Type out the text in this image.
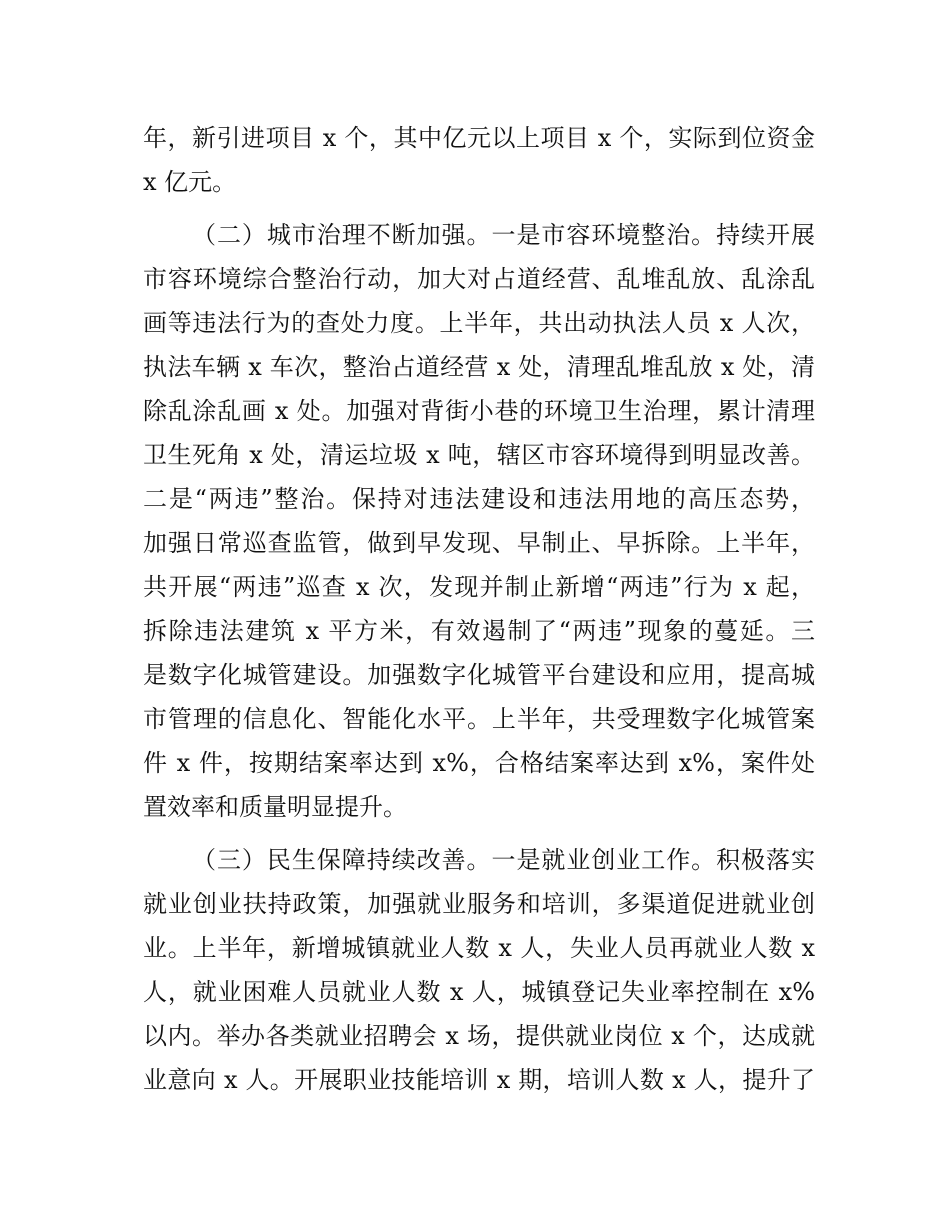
年，新引进项目 x 个，其中亿元以上项目 x 个，实际到位资金

x 亿元。

（二）城市治理不断加强。一是市容环境整治。持续开展

市容环境综合整治行动，加大对占道经营、乱堆乱放、乱涂乱

画等违法行为的查处力度。上半年，共出动执法人员 x 人次，

执法车辆 x 车次，整治占道经营 x 处，清理乱堆乱放 x 处，清

除乱涂乱画 x 处。加强对背街小巷的环境卫生治理，累计清理

卫生死角 x 处，清运垃圾 x 吨，辖区市容环境得到明显改善。

二是“两违”整治。保持对违法建设和违法用地的高压态势，

加强日常巡查监管，做到早发现、早制止、早拆除。上半年，

共开展“两违”巡查 x 次，发现并制止新增“两违”行为 x 起，

拆除违法建筑 x 平方米，有效遏制了“两违”现象的蔓延。三

是数字化城管建设。加强数字化城管平台建设和应用，提高城

市管理的信息化、智能化水平。上半年，共受理数字化城管案

件 x 件，按期结案率达到 x%，合格结案率达到 x%，案件处

置效率和质量明显提升。

（三）民生保障持续改善。一是就业创业工作。积极落实

就业创业扶持政策，加强就业服务和培训，多渠道促进就业创

业。上半年，新增城镇就业人数 x 人，失业人员再就业人数 x

人，就业困难人员就业人数 x 人，城镇登记失业率控制在 x%

以内。举办各类就业招聘会 x 场，提供就业岗位 x 个，达成就

业意向 x 人。开展职业技能培训 x 期，培训人数 x 人，提升了
